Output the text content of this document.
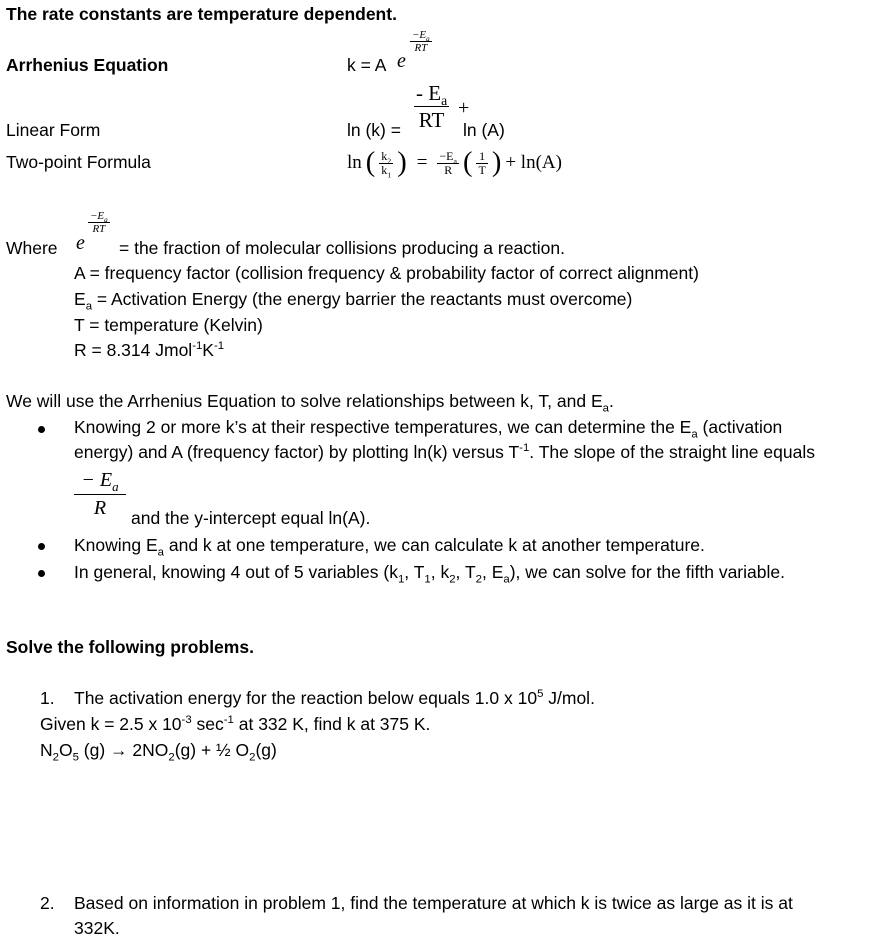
The rate constants are temperature dependent.
Arrhenius Equation	k = A e
$-E_a$
RT
Linear Form	ln (k) =
- $E_a$
RT
+
ln (A)
Two-point Formula	ln ( $\frac{k_2}{k_1}$ ) = $\frac{-E_a}{R}$ ( $\frac{1}{T}$ ) + ln(A)
Where e
$-E_a$
RT
= the fraction of molecular collisions producing a reaction.
A = frequency factor (collision frequency & probability factor of correct alignment)
$E_a$ = Activation Energy (the energy barrier the reactants must overcome)
T = temperature (Kelvin)
R = 8.314 $Jmol^{-1}K^{-1}$
We will use the Arrhenius Equation to solve relationships between k, T, and $E_a$.
Knowing 2 or more k’s at their respective temperatures, we can determine the $E_a$ (activation
energy) and A (frequency factor) by plotting ln(k) versus $T^{-1}$. The slope of the straight line equals
− $E_a$
R	and the y-intercept equal ln(A).
Knowing $E_a$ and k at one temperature, we can calculate k at another temperature.
In general, knowing 4 out of 5 variables ($k_1$, $T_1$, $k_2$, $T_2$, $E_a$), we can solve for the fifth variable.
Solve the following problems.
1. The activation energy for the reaction below equals 1.0 x $10^5$ J/mol.
Given k = 2.5 x $10^{-3}$ $\sec^{-1}$ at 332 K, find k at 375 K.
$N_2O_5$ $(g) \to 2NO_2(g)$ + ½ $O_2(g)$
2. Based on information in problem 1, find the temperature at which k is twice as large as it is at
332K.
